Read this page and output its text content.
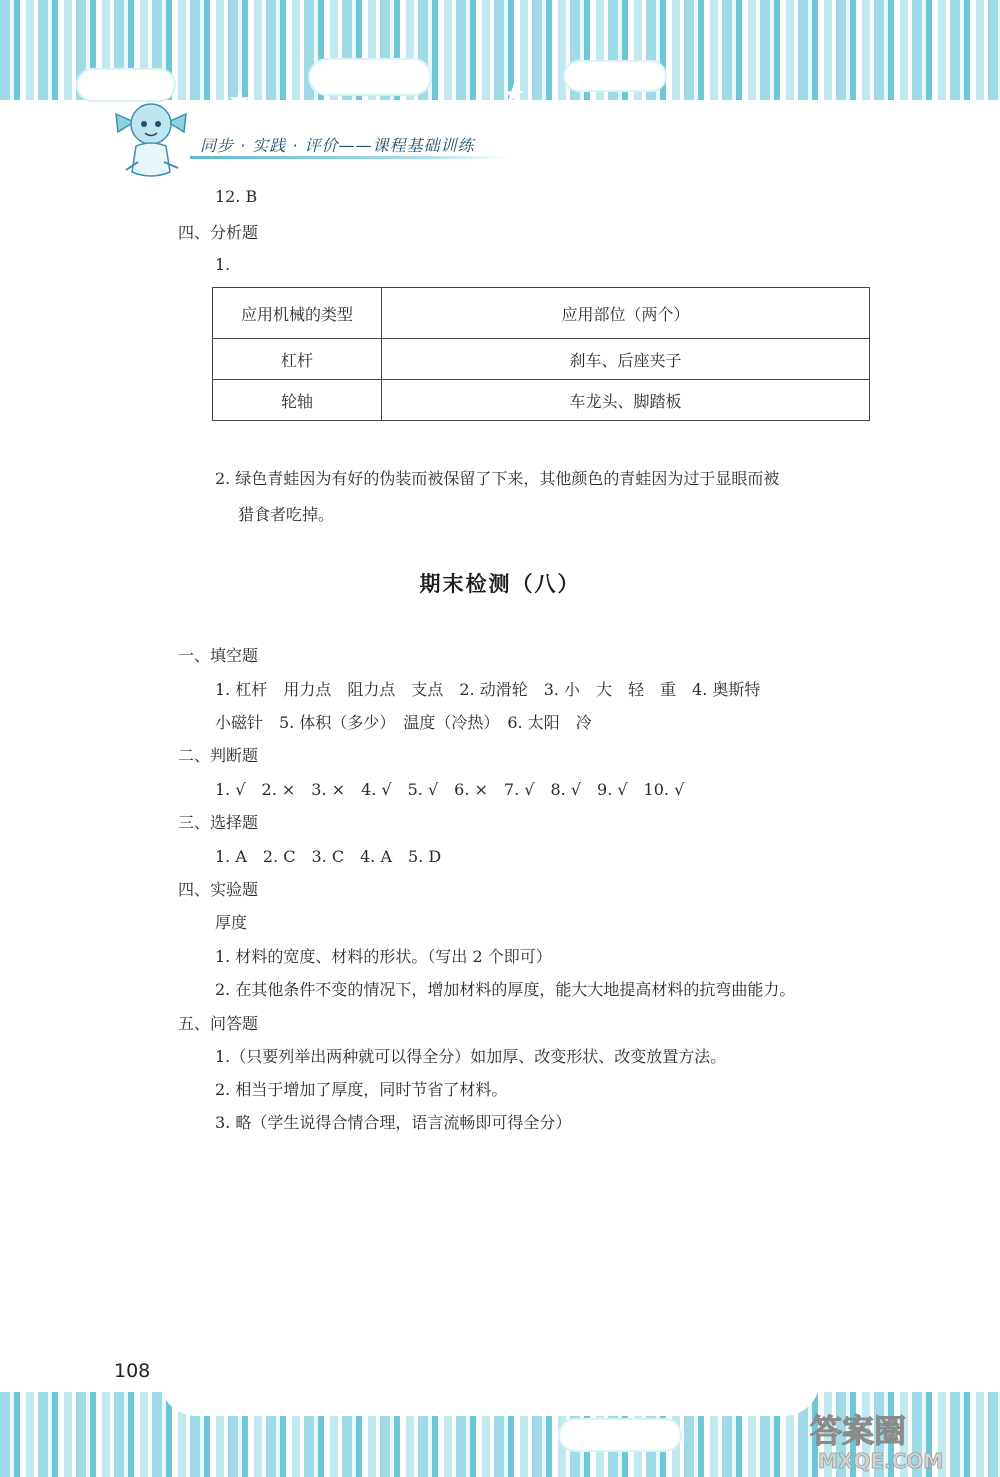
★	★
同步 · 实践 · 评价——课程基础训练
12. B
四、分析题
1.
应用机械的类型	应用部位（两个）
杠杆	刹车、后座夹子
轮轴	车龙头、脚踏板
2. 绿色青蛙因为有好的伪装而被保留了下来，其他颜色的青蛙因为过于显眼而被
猎食者吃掉。
期末检测（八）
一、填空题
1. 杠杆　用力点　阻力点　支点　2. 动滑轮　3. 小　大　轻　重　4. 奥斯特
小磁针　5. 体积（多少）　温度（冷热）　6. 太阳　冷
二、判断题
1. √　2. ×　3. ×　4. √　5. √　6. ×　7. √　8. √　9. √　10. √
三、选择题
1. A　2. C　3. C　4. A　5. D
四、实验题
厚度
1. 材料的宽度、材料的形状。（写出 2 个即可）
2. 在其他条件不变的情况下，增加材料的厚度，能大大地提高材料的抗弯曲能力。
五、问答题
1.（只要列举出两种就可以得全分）如加厚、改变形状、改变放置方法。
2. 相当于增加了厚度，同时节省了材料。
3. 略（学生说得合情合理，语言流畅即可得全分）
★
108
答案圈
MXQE.COM
